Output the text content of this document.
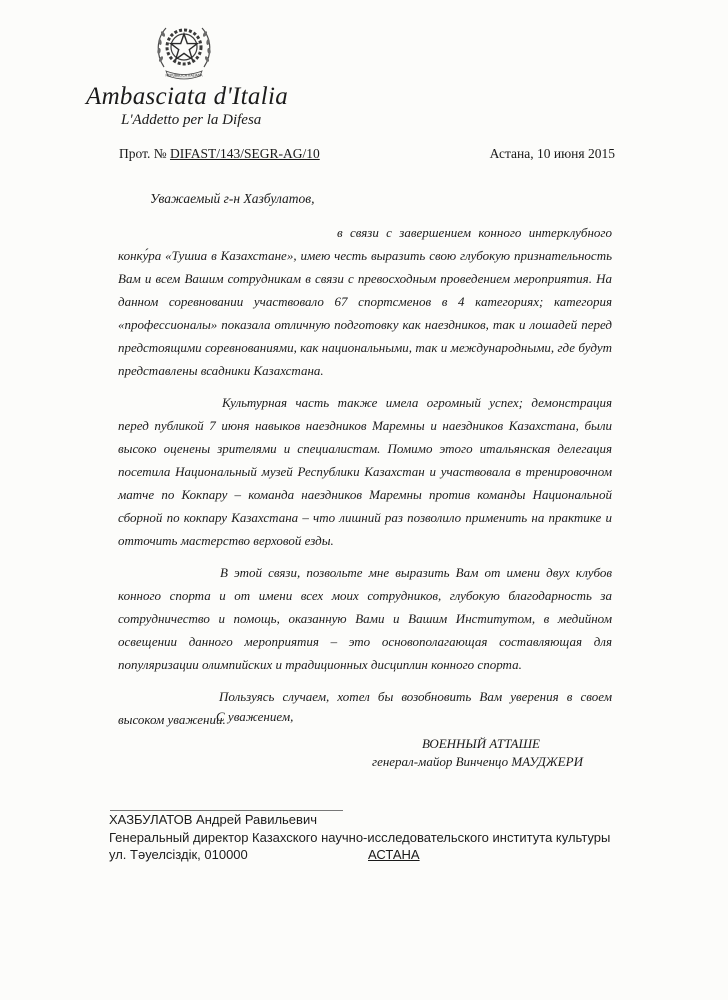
REPUBBLICA ITALIANA
Ambasciata d'Italia
L'Addetto per la Difesa
Прот. № DIFAST/143/SEGR-AG/10	Астана, 10 июня 2015
Уважаемый г-н Хазбулатов,

в связи с завершением конного интерклубного конку́ра «Тушиа в Казахстане», имею честь выразить свою глубокую признательность Вам и всем Вашим сотрудникам в связи с превосходным проведением мероприятия. На данном соревновании участвовало 67 спортсменов в 4 категориях; категория «профессионалы» показала отличную подготовку как наездников, так и лошадей перед предстоящими соревнованиями, как национальными, так и международными, где будут представлены всадники Казахстана.

Культурная часть также имела огромный успех; демонстрация перед публикой 7 июня навыков наездников Маремны и наездников Казахстана, были высоко оценены зрителями и специалистам. Помимо этого итальянская делегация посетила Национальный музей Республики Казахстан и участвовала в тренировочном матче по Кокпару – команда наездников Маремны против команды Национальной сборной по кокпару Казахстана – что лишний раз позволило применить на практике и отточить мастерство верховой езды.

В этой связи, позвольте мне выразить Вам от имени двух клубов конного спорта и от имени всех моих сотрудников, глубокую благодарность за сотрудничество и помощь, оказанную Вами и Вашим Институтом, в медийном освещении данного мероприятия – это основополагающая составляющая для популяризации олимпийских и традиционных дисциплин конного спорта.

Пользуясь случаем, хотел бы возобновить Вам уверения в своем высоком уважении.

С уважением,
ВОЕННЫЙ АТТАШЕ
генерал-майор Винченцо МАУДЖЕРИ
ХАЗБУЛАТОВ Андрей Равильевич
Генеральный директор Казахского научно-исследовательского института культуры
ул. Тәуелсіздік, 010000	АСТАНА
